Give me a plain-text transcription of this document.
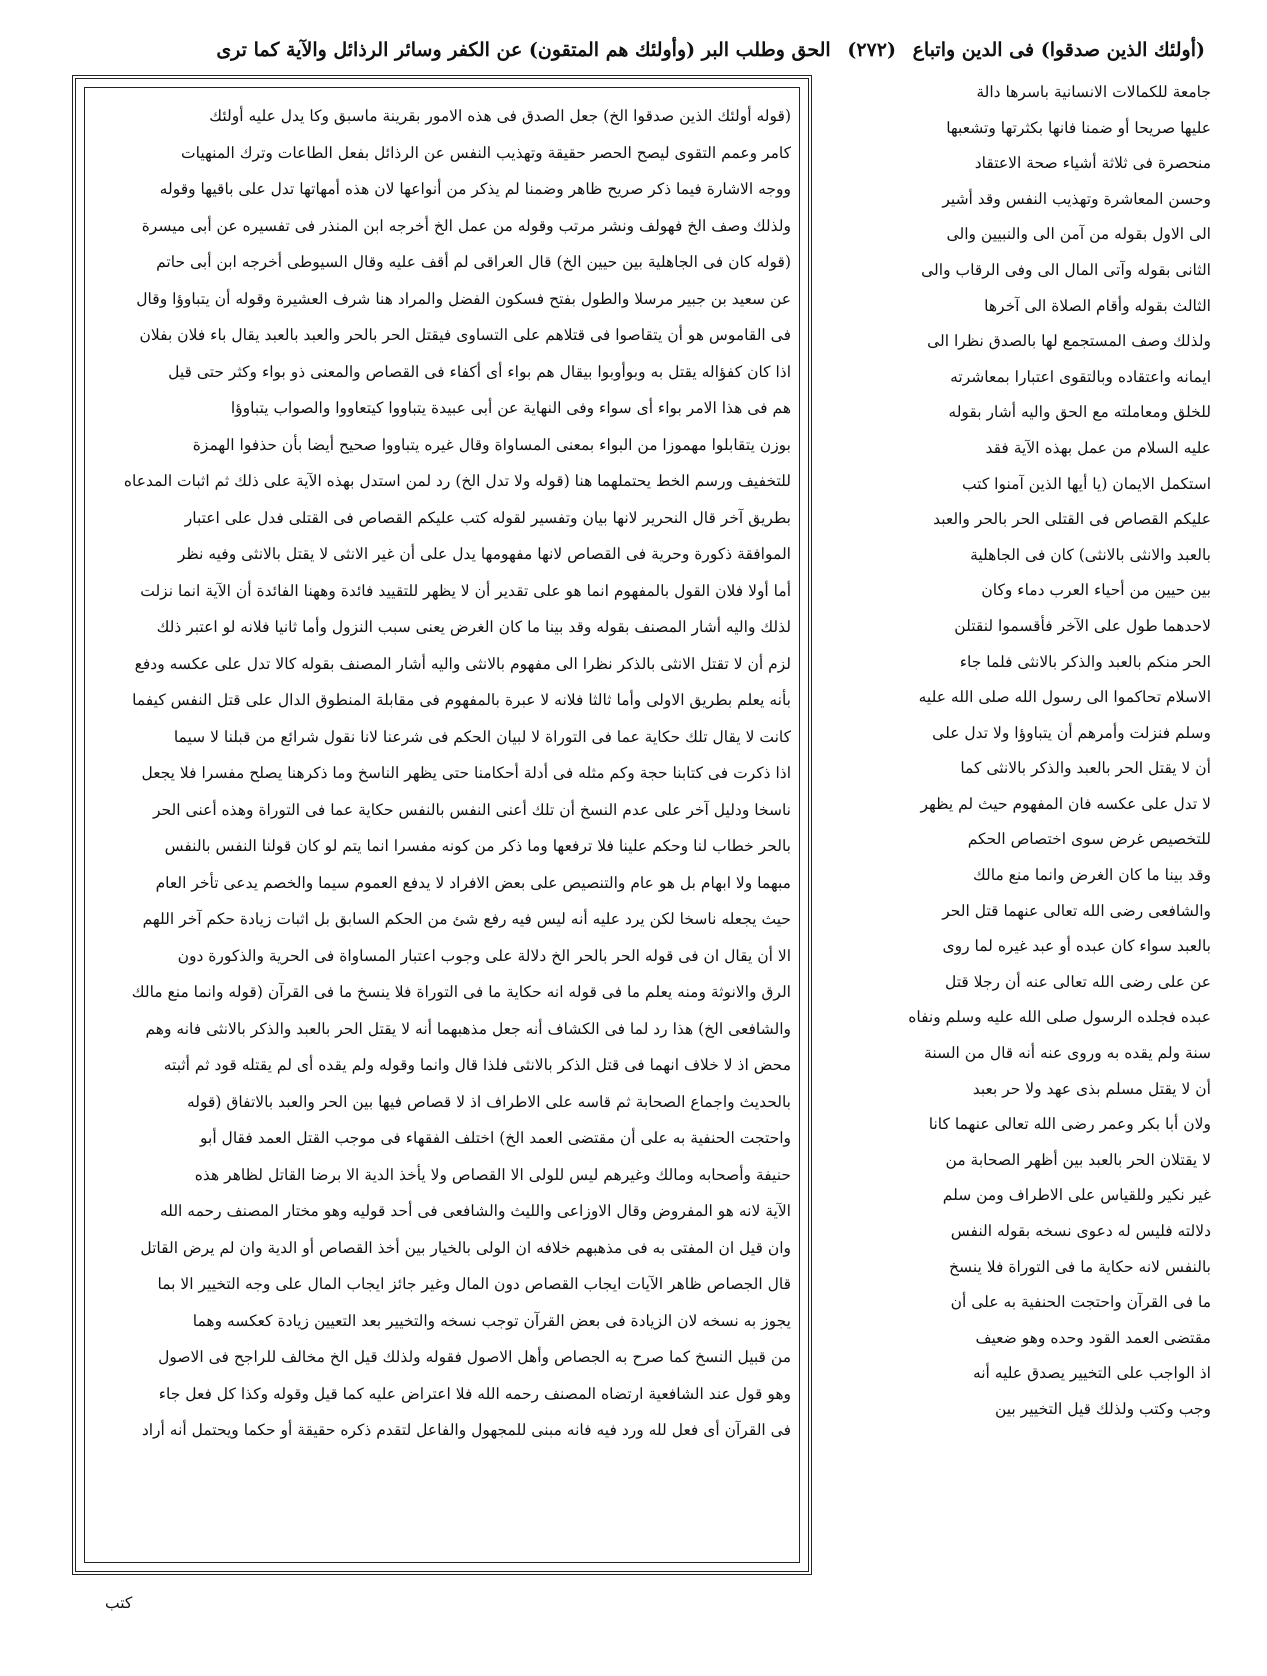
(أولئك الذين صدقوا) فى الدين واتباع (٢٧٢) الحق وطلب البر (وأولئك هم المتقون) عن الكفر وسائر الرذائل والآية كما ترى
جامعة للكمالات الانسانية باسرها دالة
عليها صريحا أو ضمنا فانها بكثرتها وتشعبها
منحصرة فى ثلاثة أشياء صحة الاعتقاد
وحسن المعاشرة وتهذيب النفس وقد أشير
الى الاول بقوله من آمن الى والنبيين والى
الثانى بقوله وآتى المال الى وفى الرقاب والى
الثالث بقوله وأقام الصلاة الى آخرها
ولذلك وصف المستجمع لها بالصدق نظرا الى
ايمانه واعتقاده وبالتقوى اعتبارا بمعاشرته
للخلق ومعاملته مع الحق واليه أشار بقوله
عليه السلام من عمل بهذه الآية فقد
استكمل الايمان (يا أيها الذين آمنوا كتب
عليكم القصاص فى القتلى الحر بالحر والعبد
بالعبد والانثى بالانثى) كان فى الجاهلية
بين حيين من أحياء العرب دماء وكان
لاحدهما طول على الآخر فأقسموا لنقتلن
الحر منكم بالعبد والذكر بالانثى فلما جاء
الاسلام تحاكموا الى رسول الله صلى الله عليه
وسلم فنزلت وأمرهم أن يتباوؤا ولا تدل على
أن لا يقتل الحر بالعبد والذكر بالانثى كما
لا تدل على عكسه فان المفهوم حيث لم يظهر
للتخصيص غرض سوى اختصاص الحكم
وقد بينا ما كان الغرض وانما منع مالك
والشافعى رضى الله تعالى عنهما قتل الحر
بالعبد سواء كان عبده أو عبد غيره لما روى
عن على رضى الله تعالى عنه أن رجلا قتل
عبده فجلده الرسول صلى الله عليه وسلم ونفاه
سنة ولم يقده به وروى عنه أنه قال من السنة
أن لا يقتل مسلم بذى عهد ولا حر بعبد
ولان أبا بكر وعمر رضى الله تعالى عنهما كانا
لا يقتلان الحر بالعبد بين أظهر الصحابة من
غير نكير وللقياس على الاطراف ومن سلم
دلالته فليس له دعوى نسخه بقوله النفس
بالنفس لانه حكاية ما فى التوراة فلا ينسخ
ما فى القرآن واحتجت الحنفية به على أن
مقتضى العمد القود وحده وهو ضعيف
اذ الواجب على التخيير يصدق عليه أنه
وجب وكتب ولذلك قيل التخيير بين
(قوله أولئك الذين صدقوا الخ) جعل الصدق فى هذه الامور بقرينة ماسبق وكا يدل عليه أولئك
كامر وعمم التقوى ليصح الحصر حقيقة وتهذيب النفس عن الرذائل بفعل الطاعات وترك المنهيات
ووجه الاشارة فيما ذكر صريح ظاهر وضمنا لم يذكر من أنواعها لان هذه أمهاتها تدل على باقيها وقوله
ولذلك وصف الخ فهولف ونشر مرتب وقوله من عمل الخ أخرجه ابن المنذر فى تفسيره عن أبى ميسرة
(قوله كان فى الجاهلية بين حيين الخ) قال العراقى لم أقف عليه وقال السيوطى أخرجه ابن أبى حاتم
عن سعيد بن جبير مرسلا والطول بفتح فسكون الفضل والمراد هنا شرف العشيرة وقوله أن يتباوؤا وقال
فى القاموس هو أن يتقاصوا فى قتلاهم على التساوى فيقتل الحر بالحر والعبد بالعبد يقال باء فلان بفلان
اذا كان كفؤاله يقتل به وبوأوبوا بيقال هم بواء أى أكفاء فى القصاص والمعنى ذو بواء وكثر حتى قيل
هم فى هذا الامر بواء أى سواء وفى النهاية عن أبى عبيدة يتباووا كيتعاووا والصواب يتباوؤا
بوزن يتقابلوا مهموزا من البواء بمعنى المساواة وقال غيره يتباووا صحيح أيضا بأن حذفوا الهمزة
للتخفيف ورسم الخط يحتملهما هنا (قوله ولا تدل الخ) رد لمن استدل بهذه الآية على ذلك ثم اثبات المدعاه
بطريق آخر قال النحرير لانها بيان وتفسير لقوله كتب عليكم القصاص فى القتلى فدل على اعتبار
الموافقة ذكورة وحرية فى القصاص لانها مفهومها يدل على أن غير الانثى لا يقتل بالانثى وفيه نظر
أما أولا فلان القول بالمفهوم انما هو على تقدير أن لا يظهر للتقييد فائدة وههنا الفائدة أن الآية انما نزلت
لذلك واليه أشار المصنف بقوله وقد بينا ما كان الغرض يعنى سبب النزول وأما ثانيا فلانه لو اعتبر ذلك
لزم أن لا تقتل الانثى بالذكر نظرا الى مفهوم بالانثى واليه أشار المصنف بقوله كالا تدل على عكسه ودفع
بأنه يعلم بطريق الاولى وأما ثالثا فلانه لا عبرة بالمفهوم فى مقابلة المنطوق الدال على قتل النفس كيفما
كانت لا يقال تلك حكاية عما فى التوراة لا لبيان الحكم فى شرعنا لانا نقول شرائع من قبلنا لا سيما
اذا ذكرت فى كتابنا حجة وكم مثله فى أدلة أحكامنا حتى يظهر الناسخ وما ذكرهنا يصلح مفسرا فلا يجعل
ناسخا ودليل آخر على عدم النسخ أن تلك أعنى النفس بالنفس حكاية عما فى التوراة وهذه أعنى الحر
بالحر خطاب لنا وحكم علينا فلا ترفعها وما ذكر من كونه مفسرا انما يتم لو كان قولنا النفس بالنفس
مبهما ولا ابهام بل هو عام والتنصيص على بعض الافراد لا يدفع العموم سيما والخصم يدعى تأخر العام
حيث يجعله ناسخا لكن يرد عليه أنه ليس فيه رفع شئ من الحكم السابق بل اثبات زيادة حكم آخر اللهم
الا أن يقال ان فى قوله الحر بالحر الخ دلالة على وجوب اعتبار المساواة فى الحرية والذكورة دون
الرق والانوثة ومنه يعلم ما فى قوله انه حكاية ما فى التوراة فلا ينسخ ما فى القرآن (قوله وانما منع مالك
والشافعى الخ) هذا رد لما فى الكشاف أنه جعل مذهبهما أنه لا يقتل الحر بالعبد والذكر بالانثى فانه وهم
محض اذ لا خلاف انهما فى قتل الذكر بالانثى فلذا قال وانما وقوله ولم يقده أى لم يقتله قود ثم أثبته
بالحديث واجماع الصحابة ثم قاسه على الاطراف اذ لا قصاص فيها بين الحر والعبد بالاتفاق (قوله
واحتجت الحنفية به على أن مقتضى العمد الخ) اختلف الفقهاء فى موجب القتل العمد فقال أبو
حنيفة وأصحابه ومالك وغيرهم ليس للولى الا القصاص ولا يأخذ الدية الا برضا القاتل لظاهر هذه
الآية لانه هو المفروض وقال الاوزاعى والليث والشافعى فى أحد قوليه وهو مختار المصنف رحمه الله
وان قيل ان المفتى به فى مذهبهم خلافه ان الولى بالخيار بين أخذ القصاص أو الدية وان لم يرض القاتل
قال الجصاص ظاهر الآيات ايجاب القصاص دون المال وغير جائز ايجاب المال على وجه التخيير الا بما
يجوز به نسخه لان الزيادة فى بعض القرآن توجب نسخه والتخيير بعد التعيين زيادة كعكسه وهما
من قبيل النسخ كما صرح به الجصاص وأهل الاصول فقوله ولذلك قيل الخ مخالف للراجح فى الاصول
وهو قول عند الشافعية ارتضاه المصنف رحمه الله فلا اعتراض عليه كما قيل وقوله وكذا كل فعل جاء
فى القرآن أى فعل لله ورد فيه فانه مبنى للمجهول والفاعل لتقدم ذكره حقيقة أو حكما ويحتمل أنه أراد
كتب
